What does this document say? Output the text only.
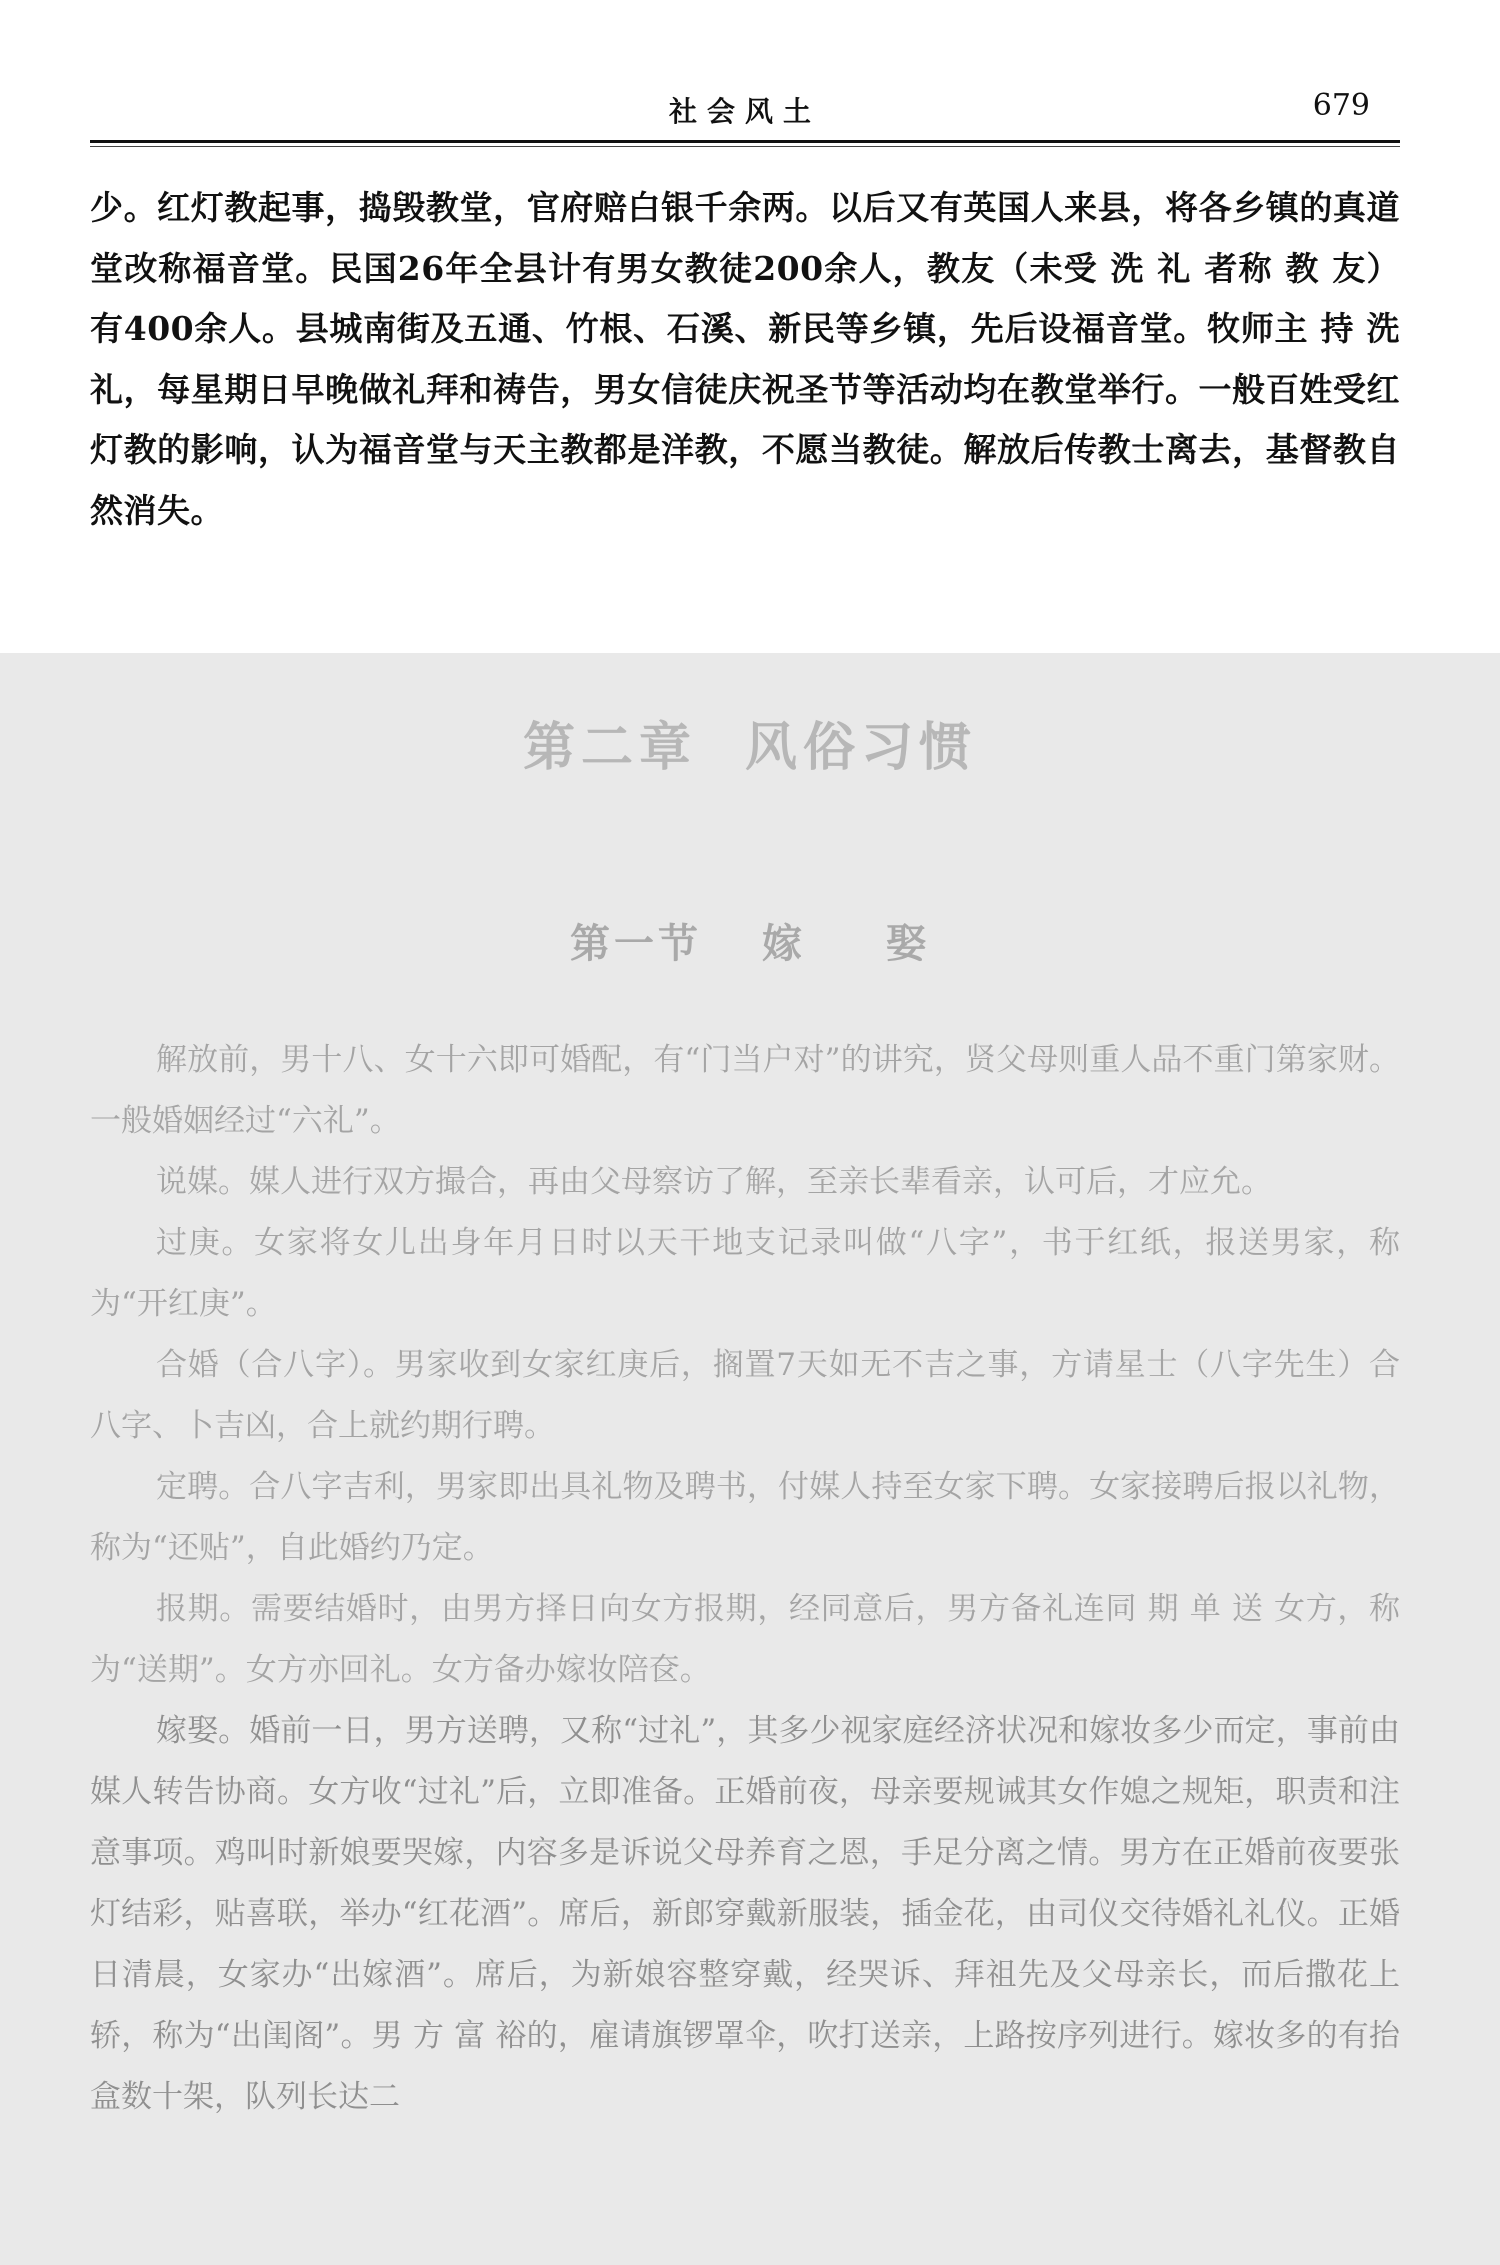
社会风土	679

少。红灯教起事，捣毁教堂，官府赔白银千余两。以后又有英国人来县，将各乡镇的真道堂改称福音堂。民国26年全县计有男女教徒200余人，教友（未受 洗 礼 者称 教 友）有400余人。县城南街及五通、竹根、石溪、新民等乡镇，先后设福音堂。牧师主 持 洗礼，每星期日早晚做礼拜和祷告，男女信徒庆祝圣节等活动均在教堂举行。一般百姓受红灯教的影响，认为福音堂与天主教都是洋教，不愿当教徒。解放后传教士离去，基督教自然消失。

第二章 风俗习惯
第一节 嫁 娶

解放前，男十八、女十六即可婚配，有“门当户对”的讲究，贤父母则重人品不重门第家财。一般婚姻经过“六礼”。

说媒。媒人进行双方撮合，再由父母察访了解，至亲长辈看亲，认可后，才应允。

过庚。女家将女儿出身年月日时以天干地支记录叫做“八字”，书于红纸，报送男家，称为“开红庚”。

合婚（合八字）。男家收到女家红庚后，搁置7天如无不吉之事，方请星士（八字先生）合八字、卜吉凶，合上就约期行聘。

定聘。合八字吉利，男家即出具礼物及聘书，付媒人持至女家下聘。女家接聘后报以礼物，称为“还贴”，自此婚约乃定。

报期。需要结婚时，由男方择日向女方报期，经同意后，男方备礼连同 期 单 送 女方，称为“送期”。女方亦回礼。女方备办嫁妆陪奁。

嫁娶。婚前一日，男方送聘，又称“过礼”，其多少视家庭经济状况和嫁妆多少而定，事前由媒人转告协商。女方收“过礼”后，立即准备。正婚前夜，母亲要规诫其女作媳之规矩，职责和注意事项。鸡叫时新娘要哭嫁，内容多是诉说父母养育之恩，手足分离之情。男方在正婚前夜要张灯结彩，贴喜联，举办“红花酒”。席后，新郎穿戴新服装，插金花，由司仪交待婚礼礼仪。正婚日清晨，女家办“出嫁酒”。席后，为新娘容整穿戴，经哭诉、拜祖先及父母亲长，而后撒花上轿，称为“出闺阁”。男 方 富 裕的，雇请旗锣罩伞，吹打送亲，上路按序列进行。嫁妆多的有抬盒数十架，队列长达二
